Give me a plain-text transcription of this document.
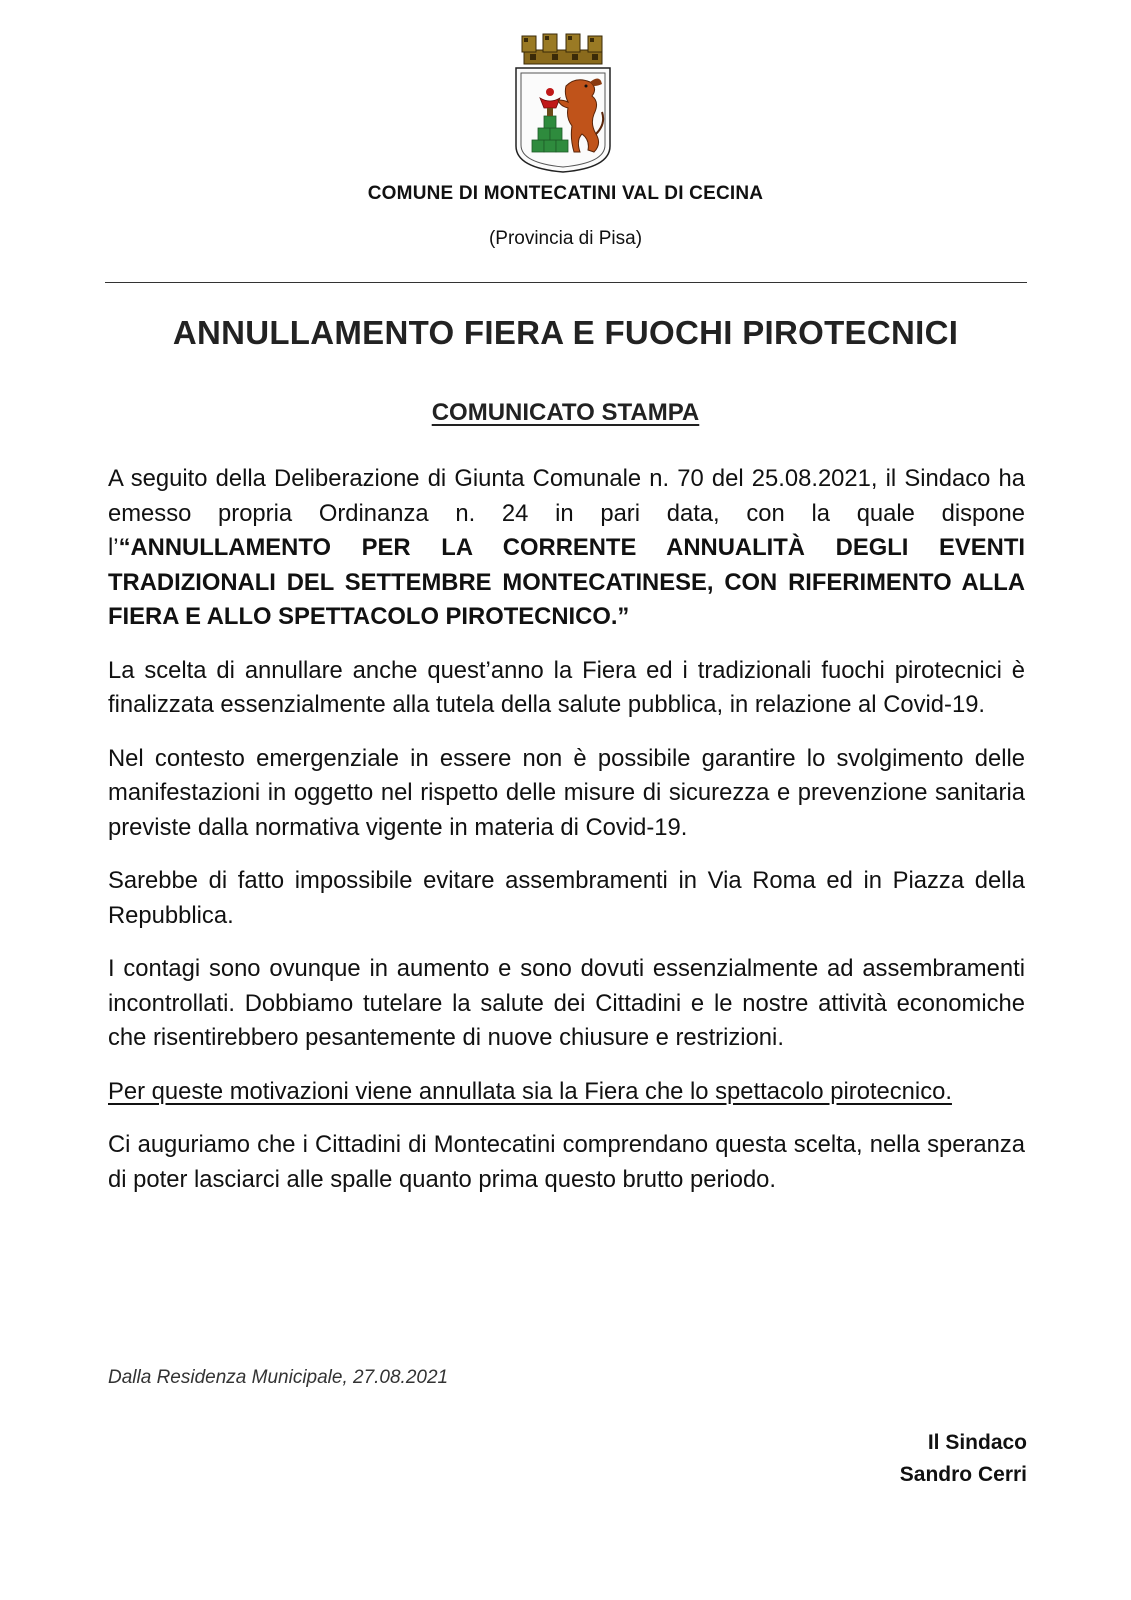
COMUNE DI MONTECATINI VAL DI CECINA
(Provincia di Pisa)
ANNULLAMENTO FIERA E FUOCHI PIROTECNICI
COMUNICATO STAMPA

A seguito della Deliberazione di Giunta Comunale n. 70 del 25.08.2021, il Sindaco ha emesso propria Ordinanza n. 24 in pari data, con la quale dispone l’“ANNULLAMENTO PER LA CORRENTE ANNUALITÀ DEGLI EVENTI TRADIZIONALI DEL SETTEMBRE MONTECATINESE, CON RIFERIMENTO ALLA FIERA E ALLO SPETTACOLO PIROTECNICO.”

La scelta di annullare anche quest’anno la Fiera ed i tradizionali fuochi pirotecnici è finalizzata essenzialmente alla tutela della salute pubblica, in relazione al Covid-19.

Nel contesto emergenziale in essere non è possibile garantire lo svolgimento delle manifestazioni in oggetto nel rispetto delle misure di sicurezza e prevenzione sanitaria previste dalla normativa vigente in materia di Covid-19.

Sarebbe di fatto impossibile evitare assembramenti in Via Roma ed in Piazza della Repubblica.

I contagi sono ovunque in aumento e sono dovuti essenzialmente ad assembramenti incontrollati. Dobbiamo tutelare la salute dei Cittadini e le nostre attività economiche che risentirebbero pesantemente di nuove chiusure e restrizioni.

Per queste motivazioni viene annullata sia la Fiera che lo spettacolo pirotecnico.

Ci auguriamo che i Cittadini di Montecatini comprendano questa scelta, nella speranza di poter lasciarci alle spalle quanto prima questo brutto periodo.

Dalla Residenza Municipale, 27.08.2021
Il Sindaco
Sandro Cerri
